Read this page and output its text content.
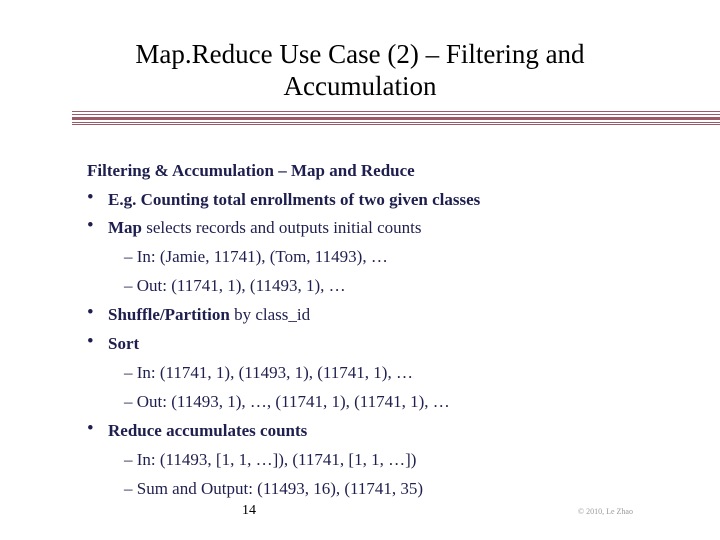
Map.Reduce Use Case (2) – Filtering and
Accumulation
Filtering & Accumulation – Map and Reduce
• E.g. Counting total enrollments of two given classes
• Map selects records and outputs initial counts
– In: (Jamie, 11741), (Tom, 11493), …
– Out: (11741, 1), (11493, 1), …
• Shuffle/Partition by class_id
• Sort
– In: (11741, 1), (11493, 1), (11741, 1), …
– Out: (11493, 1), …, (11741, 1), (11741, 1), …
• Reduce accumulates counts
– In: (11493, [1, 1, …]), (11741, [1, 1, …])
– Sum and Output: (11493, 16), (11741, 35)
14	© 2010, Le Zhao
